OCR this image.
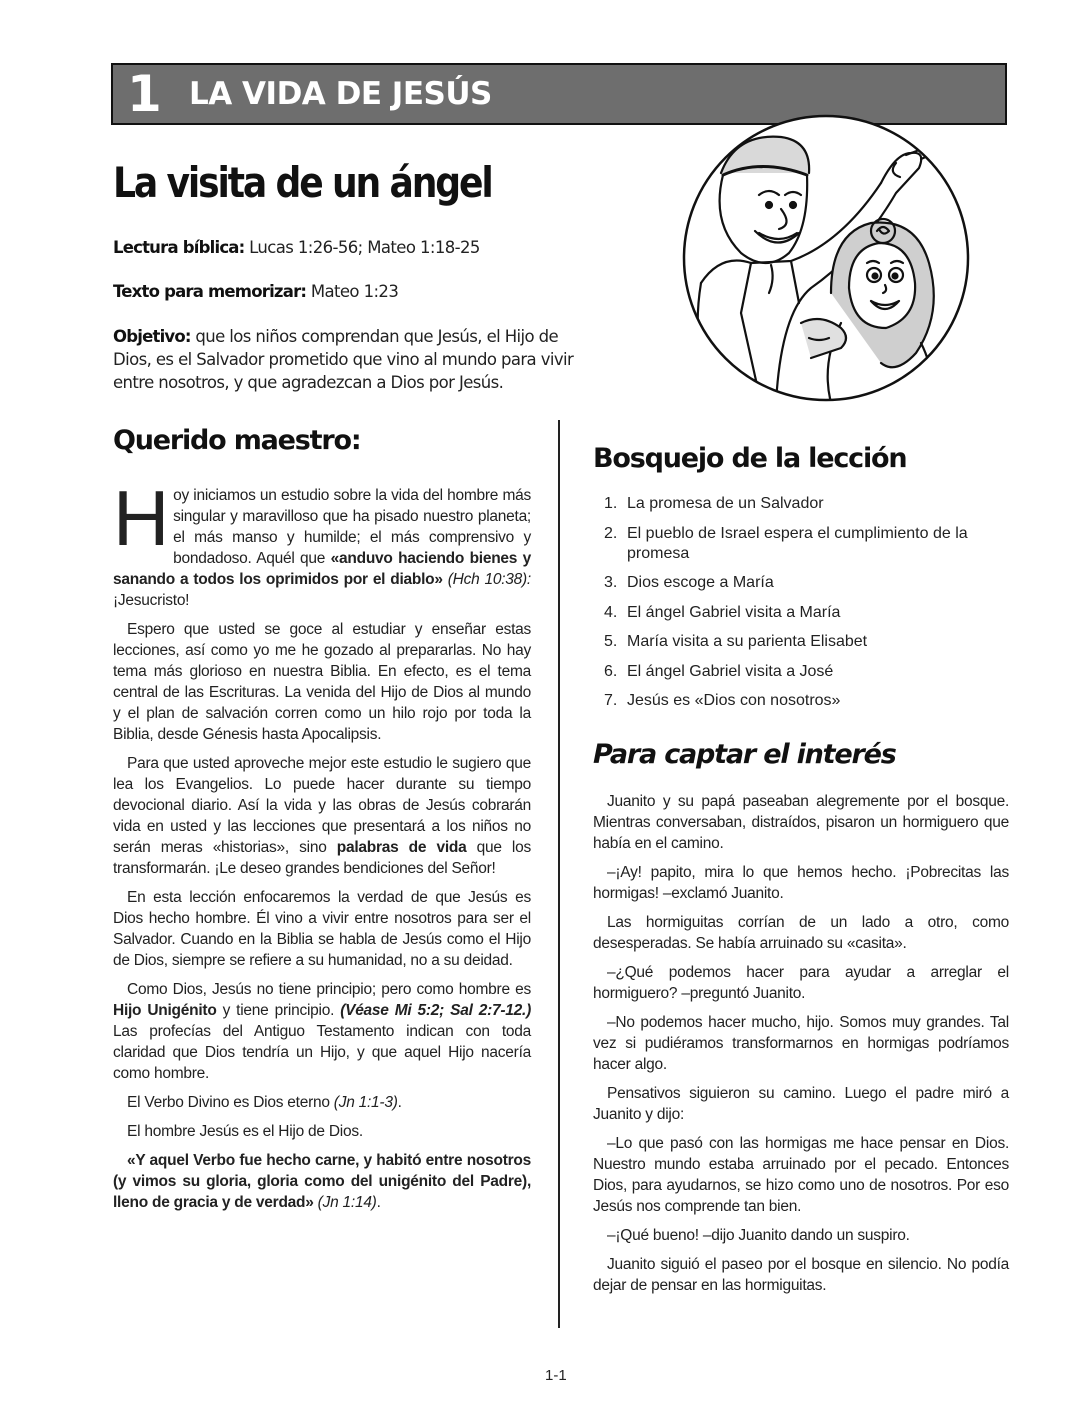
1 LA VIDA DE JESÚS
La visita de un ángel
Lectura bíblica: Lucas 1:26-56; Mateo 1:18-25
Texto para memorizar: Mateo 1:23
Objetivo: que los niños comprendan que Jesús, el Hijo de Dios, es el Salvador prometido que vino al mundo para vivir entre nosotros, y que agradezcan a Dios por Jesús.
Querido maestro:

Hoy iniciamos un estudio sobre la vida del hombre más singular y maravilloso que ha pisado nuestro planeta; el más manso y humilde; el más comprensivo y bondadoso. Aquél que «anduvo haciendo bienes y sanando a todos los oprimidos por el diablo» (Hch 10:38): ¡Jesucristo!

Espero que usted se goce al estudiar y enseñar estas lecciones, así como yo me he gozado al prepararlas. No hay tema más glorioso en nuestra Biblia. En efecto, es el tema central de las Escrituras. La venida del Hijo de Dios al mundo y el plan de salvación corren como un hilo rojo por toda la Biblia, desde Génesis hasta Apocalipsis.

Para que usted aproveche mejor este estudio le sugiero que lea los Evangelios. Lo puede hacer durante su tiempo devocional diario. Así la vida y las obras de Jesús cobrarán vida en usted y las lecciones que presentará a los niños no serán meras «historias», sino palabras de vida que los transformarán. ¡Le deseo grandes bendiciones del Señor!

En esta lección enfocaremos la verdad de que Jesús es Dios hecho hombre. Él vino a vivir entre nosotros para ser el Salvador. Cuando en la Biblia se habla de Jesús como el Hijo de Dios, siempre se refiere a su humanidad, no a su deidad.

Como Dios, Jesús no tiene principio; pero como hombre es Hijo Unigénito y tiene principio. (Véase Mi 5:2; Sal 2:7-12.) Las profecías del Antiguo Testamento indican con toda claridad que Dios tendría un Hijo, y que aquel Hijo nacería como hombre.

El Verbo Divino es Dios eterno (Jn 1:1-3).

El hombre Jesús es el Hijo de Dios.

«Y aquel Verbo fue hecho carne, y habitó entre nosotros (y vimos su gloria, gloria como del unigénito del Padre), lleno de gracia y de verdad» (Jn 1:14).

Bosquejo de la lección
1. La promesa de un Salvador
2. El pueblo de Israel espera el cumplimiento de la promesa
3. Dios escoge a María
4. El ángel Gabriel visita a María
5. María visita a su parienta Elisabet
6. El ángel Gabriel visita a José
7. Jesús es «Dios con nosotros»
Para captar el interés

Juanito y su papá paseaban alegremente por el bosque. Mientras conversaban, distraídos, pisaron un hormiguero que había en el camino.

–¡Ay! papito, mira lo que hemos hecho. ¡Pobrecitas las hormigas! –exclamó Juanito.

Las hormiguitas corrían de un lado a otro, como desesperadas. Se había arruinado su «casita».

–¿Qué podemos hacer para ayudar a arreglar el hormiguero? –preguntó Juanito.

–No podemos hacer mucho, hijo. Somos muy grandes. Tal vez si pudiéramos transformarnos en hormigas podríamos hacer algo.

Pensativos siguieron su camino. Luego el padre miró a Juanito y dijo:

–Lo que pasó con las hormigas me hace pensar en Dios. Nuestro mundo estaba arruinado por el pecado. Entonces Dios, para ayudarnos, se hizo como uno de nosotros. Por eso Jesús nos comprende tan bien.

–¡Qué bueno! –dijo Juanito dando un suspiro.

Juanito siguió el paseo por el bosque en silencio. No podía dejar de pensar en las hormiguitas.

1-1
